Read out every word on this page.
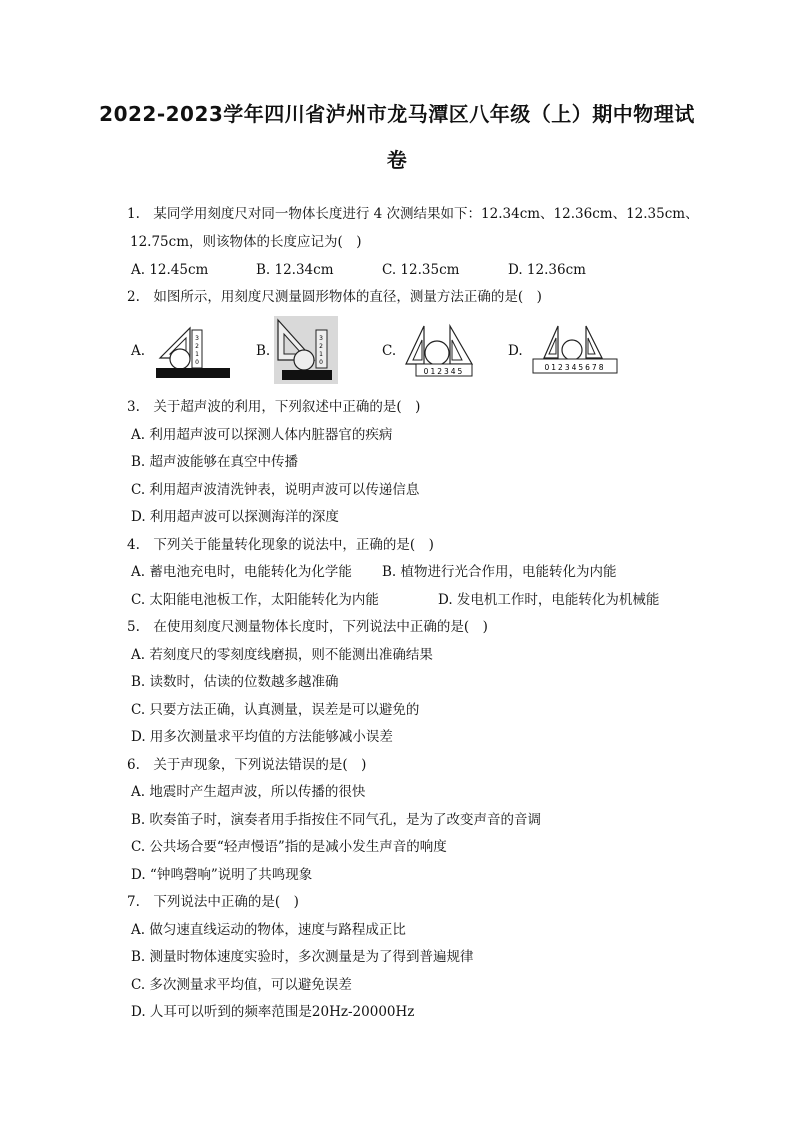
2022-2023学年四川省泸州市龙马潭区八年级（上）期中物理试
卷
1.　某同学用刻度尺对同一物体长度进行 4 次测结果如下：12.34cm、12.36cm、12.35cm、
12.75cm，则该物体的长度应记为(　)
A. 12.45cm	B. 12.34cm	C. 12.35cm	D. 12.36cm
2.　如图所示，用刻度尺测量圆形物体的直径，测量方法正确的是(　)
A.
3
2
1
0
B.
3
2
1
0
C.
012345
D.
012345678
3.　关于超声波的利用，下列叙述中正确的是(　)
A. 利用超声波可以探测人体内脏器官的疾病
B. 超声波能够在真空中传播
C. 利用超声波清洗钟表，说明声波可以传递信息
D. 利用超声波可以探测海洋的深度
4.　下列关于能量转化现象的说法中，正确的是(　)
A. 蓄电池充电时，电能转化为化学能 B. 植物进行光合作用，电能转化为内能
C. 太阳能电池板工作，太阳能转化为内能	D. 发电机工作时，电能转化为机械能
5.　在使用刻度尺测量物体长度时，下列说法中正确的是(　)
A. 若刻度尺的零刻度线磨损，则不能测出准确结果
B. 读数时，估读的位数越多越准确
C. 只要方法正确，认真测量，误差是可以避免的
D. 用多次测量求平均值的方法能够减小误差
6.　关于声现象，下列说法错误的是(　)
A. 地震时产生超声波，所以传播的很快
B. 吹奏笛子时，演奏者用手指按住不同气孔，是为了改变声音的音调
C. 公共场合要“轻声慢语”指的是减小发生声音的响度
D. “钟鸣磬响”说明了共鸣现象
7.　下列说法中正确的是(　)
A. 做匀速直线运动的物体，速度与路程成正比
B. 测量时物体速度实验时，多次测量是为了得到普遍规律
C. 多次测量求平均值，可以避免误差
D. 人耳可以听到的频率范围是20Hz-20000Hz
